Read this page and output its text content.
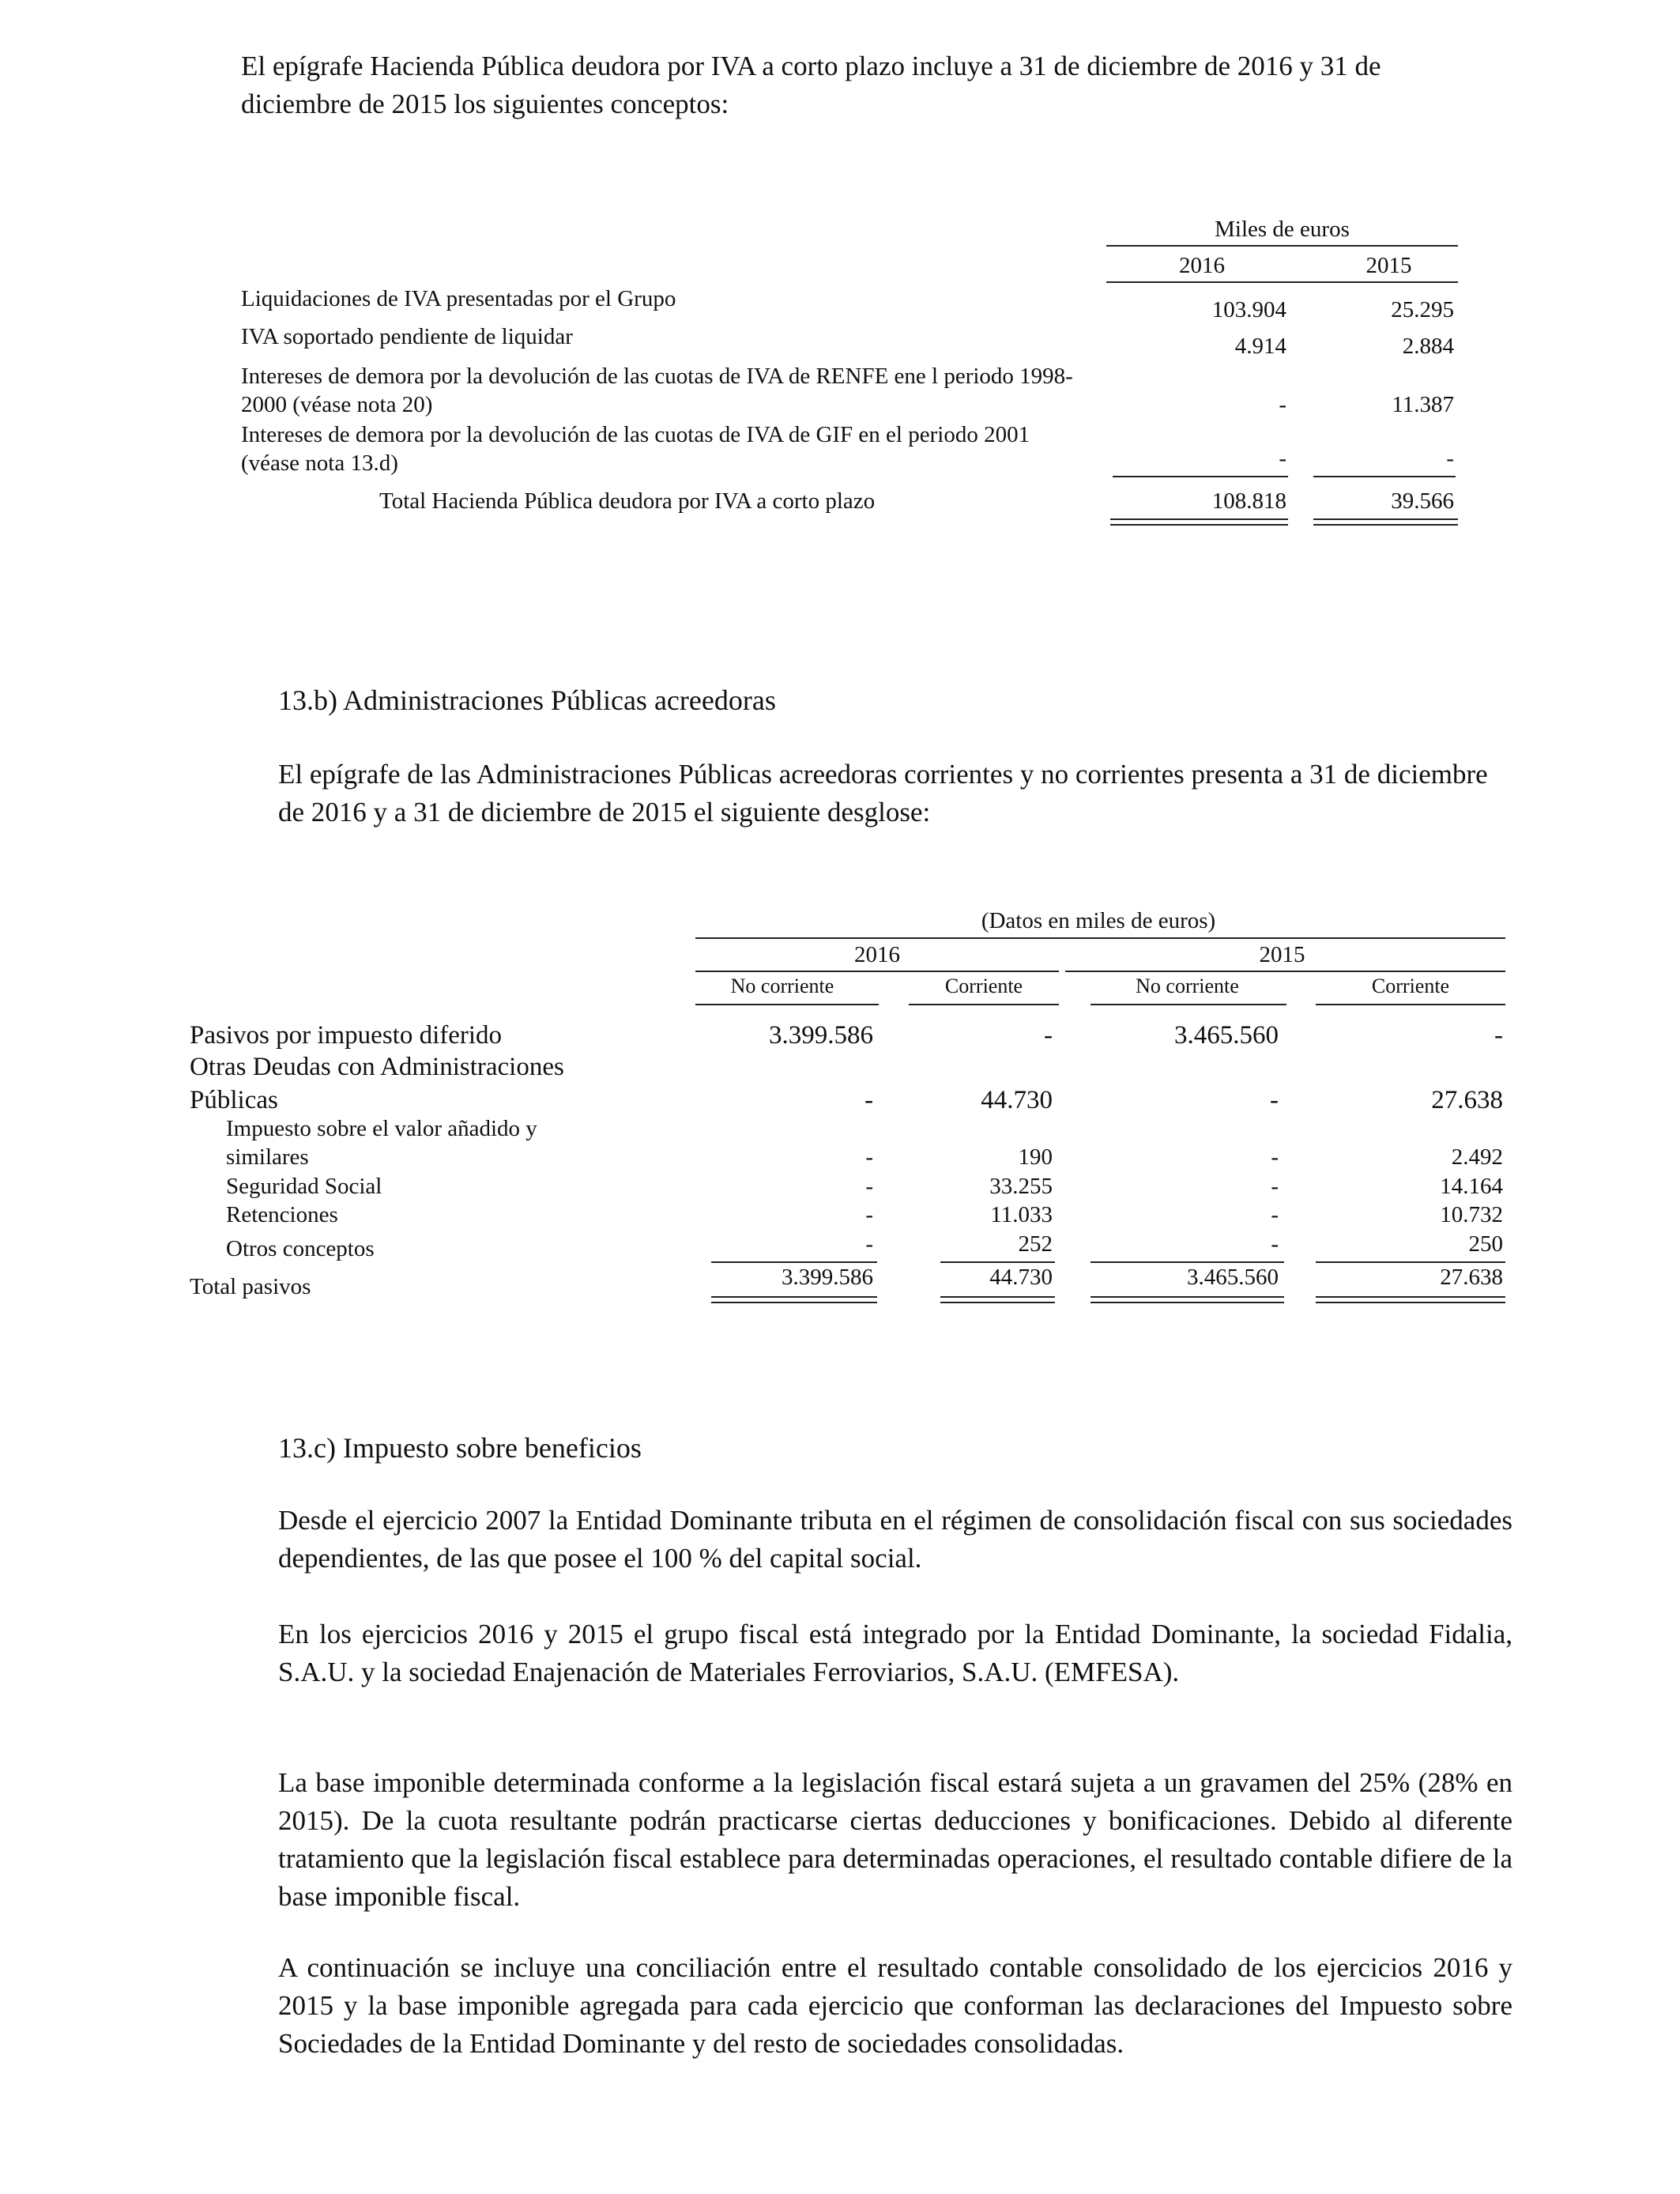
El epígrafe Hacienda Pública deudora por IVA a corto plazo incluye a 31 de diciembre de 2016 y 31 de diciembre de 2015 los siguientes conceptos:

Miles de euros
2016	2015
Liquidaciones de IVA presentadas por el Grupo	103.904	25.295
IVA soportado pendiente de liquidar	4.914	2.884
Intereses de demora por la devolución de las cuotas de IVA de RENFE ene l periodo 1998-2000 (véase nota 20)	-	11.387
Intereses de demora por la devolución de las cuotas de IVA de GIF en el periodo 2001 (véase nota 13.d)	-	-
Total Hacienda Pública deudora por IVA a corto plazo	108.818	39.566
13.b) Administraciones Públicas acreedoras

El epígrafe de las Administraciones Públicas acreedoras corrientes y no corrientes presenta a 31 de diciembre de 2016 y a 31 de diciembre de 2015 el siguiente desglose:

(Datos en miles de euros)
2016	2015
No corriente	Corriente	No corriente	Corriente
Pasivos por impuesto diferido	3.399.586	-	3.465.560	-
Otras Deudas con Administraciones
Públicas	-	44.730	-	27.638
Impuesto sobre el valor añadido y
similares	-	190	-	2.492
Seguridad Social	-	33.255	-	14.164
Retenciones	-	11.033	-	10.732
Otros conceptos	-	252	-	250
Total pasivos	3.399.586	44.730	3.465.560	27.638
13.c) Impuesto sobre beneficios

Desde el ejercicio 2007 la Entidad Dominante tributa en el régimen de consolidación fiscal con sus sociedades dependientes, de las que posee el 100 % del capital social.

En los ejercicios 2016 y 2015 el grupo fiscal está integrado por la Entidad Dominante, la sociedad Fidalia, S.A.U. y la sociedad Enajenación de Materiales Ferroviarios, S.A.U. (EMFESA).

La base imponible determinada conforme a la legislación fiscal estará sujeta a un gravamen del 25% (28% en 2015). De la cuota resultante podrán practicarse ciertas deducciones y bonificaciones. Debido al diferente tratamiento que la legislación fiscal establece para determinadas operaciones, el resultado contable difiere de la base imponible fiscal.

A continuación se incluye una conciliación entre el resultado contable consolidado de los ejercicios 2016 y 2015 y la base imponible agregada para cada ejercicio que conforman las declaraciones del Impuesto sobre Sociedades de la Entidad Dominante y del resto de sociedades consolidadas.
